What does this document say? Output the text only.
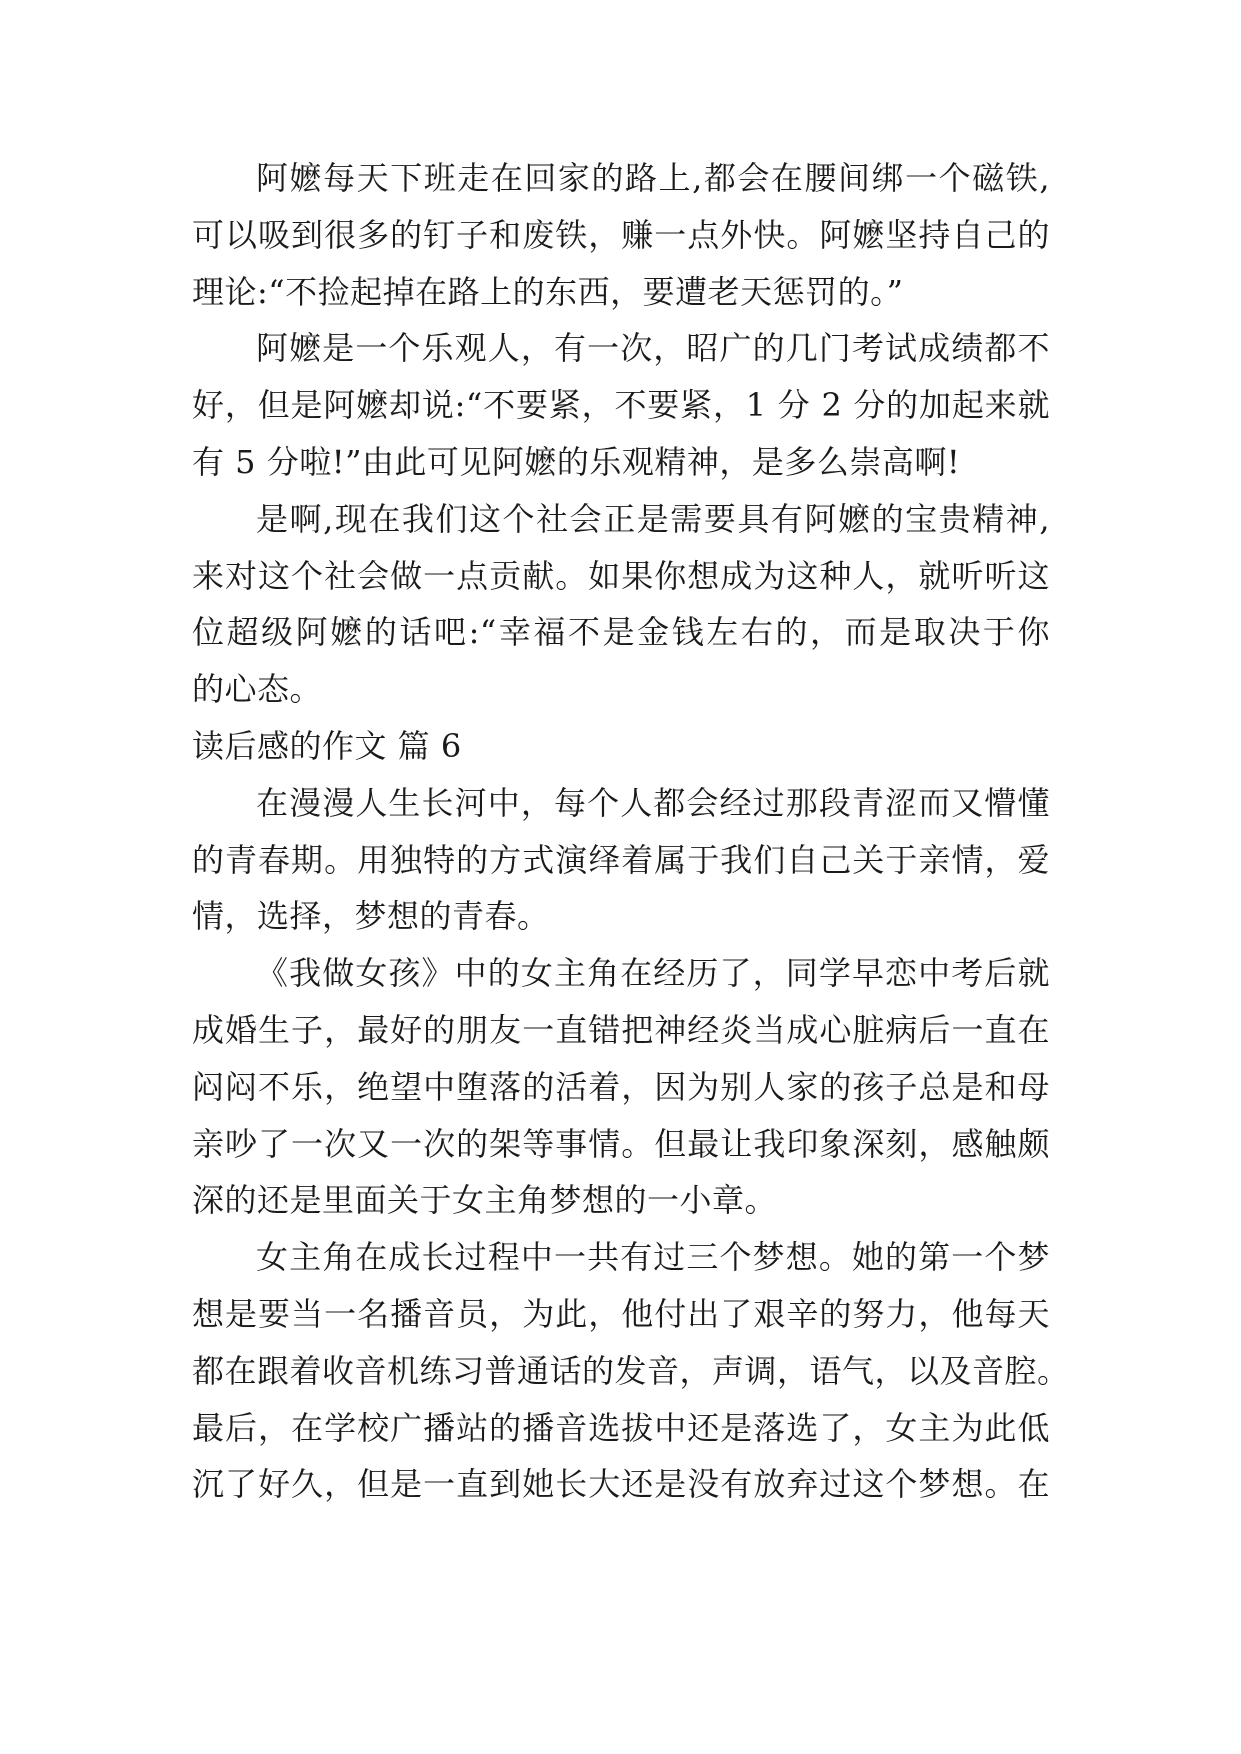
阿嬷每天下班走在回家的路上,都会在腰间绑一个磁铁,
可以吸到很多的钉子和废铁，赚一点外快。阿嬷坚持自己的
理论:“不捡起掉在路上的东西，要遭老天惩罚的。”
阿嬷是一个乐观人，有一次，昭广的几门考试成绩都不
好，但是阿嬷却说:“不要紧，不要紧，1 分 2 分的加起来就
有 5 分啦!”由此可见阿嬷的乐观精神，是多么崇高啊!
是啊,现在我们这个社会正是需要具有阿嬷的宝贵精神,
来对这个社会做一点贡献。如果你想成为这种人，就听听这
位超级阿嬷的话吧:“幸福不是金钱左右的，而是取决于你
的心态。
读后感的作文 篇 6
在漫漫人生长河中，每个人都会经过那段青涩而又懵懂
的青春期。用独特的方式演绎着属于我们自己关于亲情，爱
情，选择，梦想的青春。
《我做女孩》中的女主角在经历了，同学早恋中考后就
成婚生子，最好的朋友一直错把神经炎当成心脏病后一直在
闷闷不乐，绝望中堕落的活着，因为别人家的孩子总是和母
亲吵了一次又一次的架等事情。但最让我印象深刻，感触颇
深的还是里面关于女主角梦想的一小章。
女主角在成长过程中一共有过三个梦想。她的第一个梦
想是要当一名播音员，为此，他付出了艰辛的努力，他每天
都在跟着收音机练习普通话的发音，声调，语气，以及音腔。
最后，在学校广播站的播音选拔中还是落选了，女主为此低
沉了好久，但是一直到她长大还是没有放弃过这个梦想。在
